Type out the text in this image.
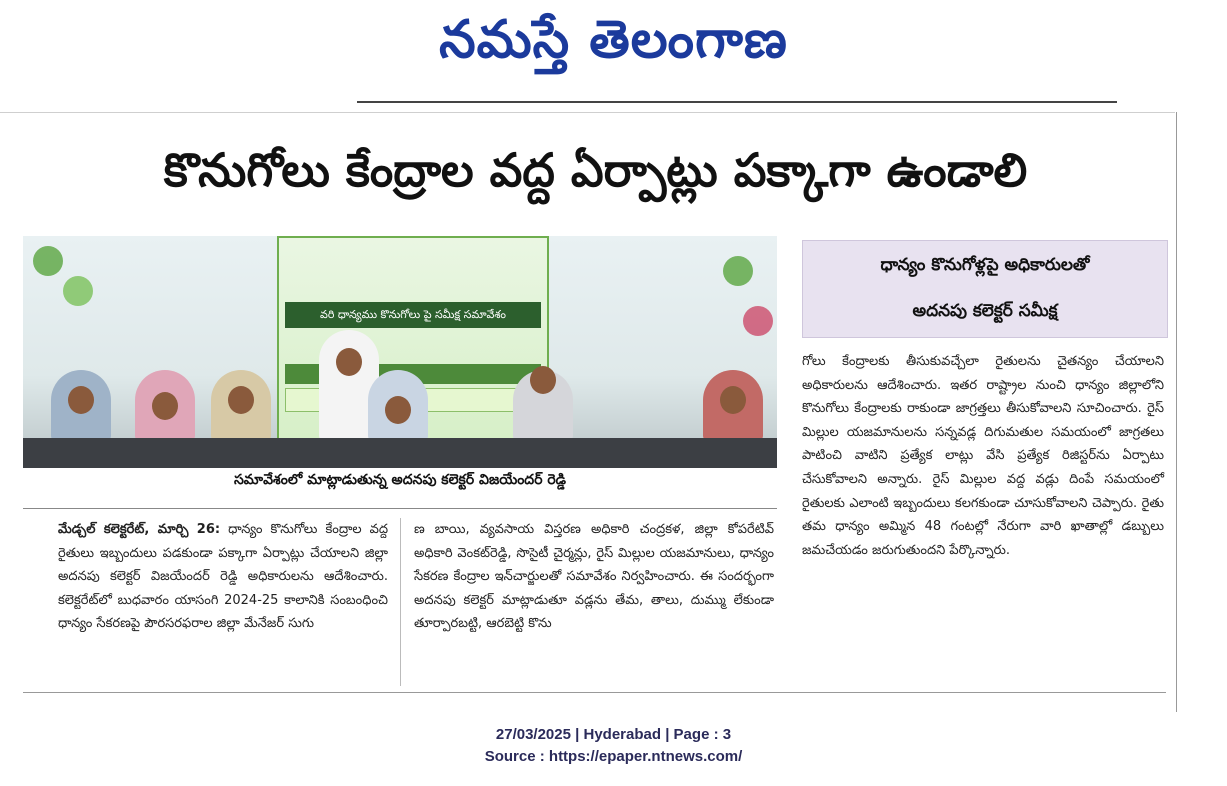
నమస్తే తెలంగాణ
కొనుగోలు కేంద్రాల వద్ద ఏర్పాట్లు పక్కాగా ఉండాలి
వరి ధాన్యము కొనుగోలు పై సమీక్ష సమావేశం
సమావేశంలో మాట్లాడుతున్న అదనపు కలెక్టర్ విజయేందర్ రెడ్డి

మేడ్చల్ కలెక్టరేట్, మార్చి 26: ధాన్యం కొనుగోలు కేంద్రాల వద్ద రైతులు ఇబ్బందులు పడకుండా పక్కాగా ఏర్పాట్లు చేయాలని జిల్లా అదనపు కలెక్టర్ విజయేందర్ రెడ్డి అధికారులను ఆదేశించారు. కలెక్టరేట్‌లో బుధవారం యాసంగి 2024-25 కాలానికి సంబంధించి ధాన్యం సేకరణపై పౌరసరఫరాల జిల్లా మేనేజర్ సుగు

ణ బాయి, వ్యవసాయ విస్తరణ అధికారి చంద్రకళ, జిల్లా కోపరేటివ్ అధికారి వెంకట్‌రెడ్డి, సొసైటీ చైర్మన్లు, రైస్ మిల్లుల యజమానులు, ధాన్యం సేకరణ కేంద్రాల ఇన్‌చార్జులతో సమావేశం నిర్వహించారు. ఈ సందర్భంగా అదనపు కలెక్టర్ మాట్లాడుతూ వడ్లను తేమ, తాలు, దుమ్ము లేకుండా తూర్పారబట్టి, ఆరబెట్టి కొను

ధాన్యం కొనుగోళ్లపై అధికారులతో
అదనపు కలెక్టర్ సమీక్ష

గోలు కేంద్రాలకు తీసుకువచ్చేలా రైతులను చైతన్యం చేయాలని అధికారులను ఆదేశించారు. ఇతర రాష్ట్రాల నుంచి ధాన్యం జిల్లాలోని కొనుగోలు కేంద్రాలకు రాకుండా జాగ్రత్తలు తీసుకోవాలని సూచించారు. రైస్ మిల్లుల యజమానులను సన్నవడ్ల దిగుమతుల సమయంలో జాగ్రతలు పాటించి వాటిని ప్రత్యేక లాట్లు వేసి ప్రత్యేక రిజిస్టర్‌ను ఏర్పాటు చేసుకోవాలని అన్నారు. రైస్ మిల్లుల వద్ద వడ్లు దింపే సమయంలో రైతులకు ఎలాంటి ఇబ్బందులు కలగకుండా చూసుకోవాలని చెప్పారు. రైతు తమ ధాన్యం అమ్మిన 48 గంటల్లో నేరుగా వారి ఖాతాల్లో డబ్బులు జమచేయడం జరుగుతుందని పేర్కొన్నారు.

27/03/2025 | Hyderabad | Page : 3
Source : https://epaper.ntnews.com/
